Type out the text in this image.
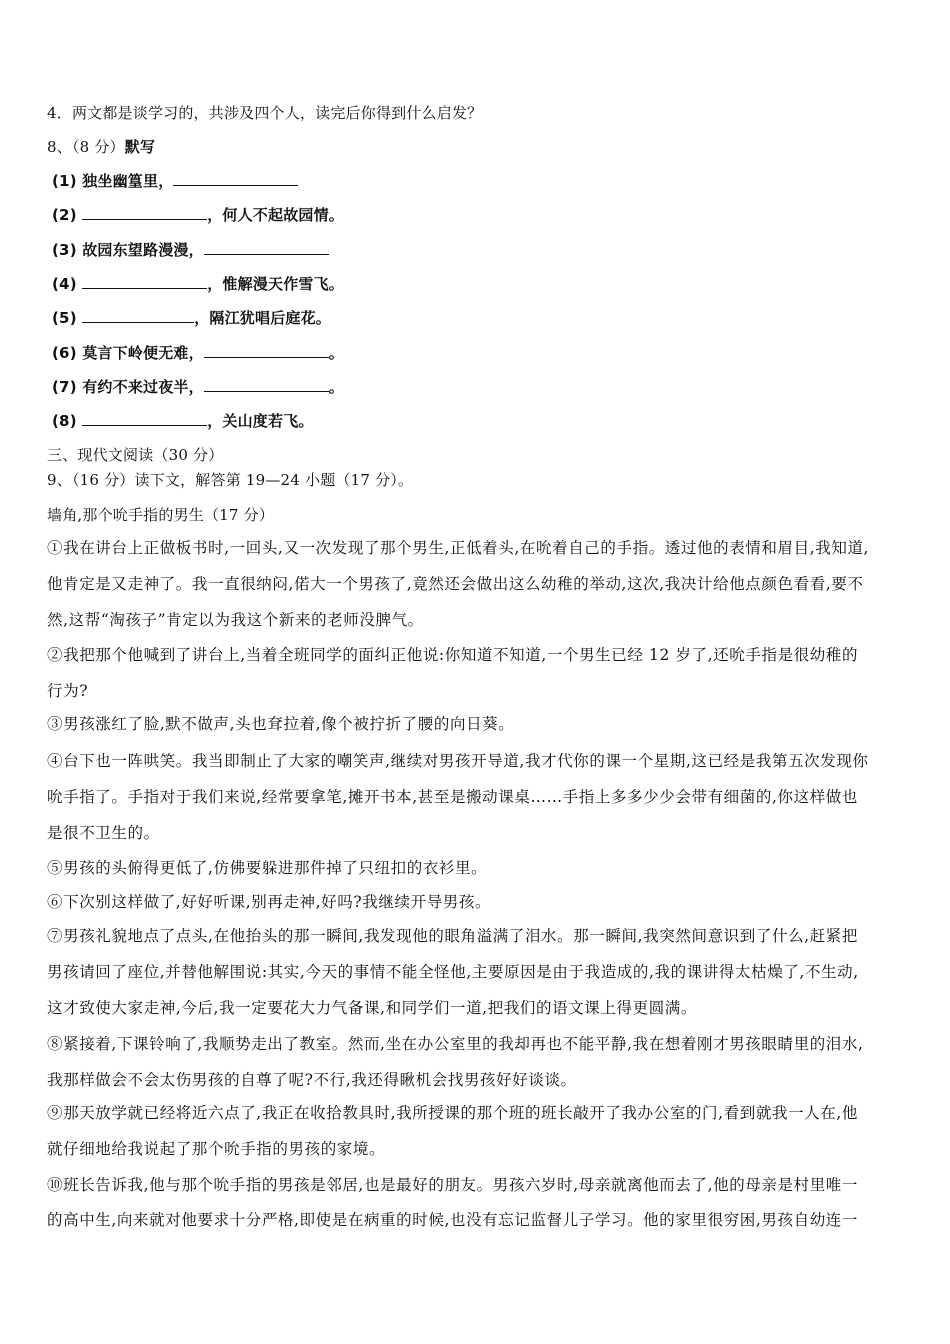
4．两文都是谈学习的，共涉及四个人，读完后你得到什么启发？
8、（8 分）默写
(1) 独坐幽篁里，
(2)	，何人不起故园情。
(3) 故园东望路漫漫，
(4)	，惟解漫天作雪飞。
(5)	，隔江犹唱后庭花。
(6) 莫言下岭便无难，	。
(7) 有约不来过夜半，	。
(8)	，关山度若飞。
三、现代文阅读（30 分）
9、（16 分）读下文，解答第 19—24 小题（17 分）。
墙角,那个吮手指的男生（17 分）
①我在讲台上正做板书时,一回头,又一次发现了那个男生,正低着头,在吮着自己的手指。透过他的表情和眉目,我知道,
他肯定是又走神了。我一直很纳闷,偌大一个男孩了,竟然还会做出这么幼稚的举动,这次,我决计给他点颜色看看,要不
然,这帮“淘孩子”肯定以为我这个新来的老师没脾气。
②我把那个他喊到了讲台上,当着全班同学的面纠正他说:你知道不知道,一个男生已经 12 岁了,还吮手指是很幼稚的
行为?
③男孩涨红了脸,默不做声,头也耷拉着,像个被拧折了腰的向日葵。
④台下也一阵哄笑。我当即制止了大家的嘲笑声,继续对男孩开导道,我才代你的课一个星期,这已经是我第五次发现你
吮手指了。手指对于我们来说,经常要拿笔,摊开书本,甚至是搬动课桌……手指上多多少少会带有细菌的,你这样做也
是很不卫生的。
⑤男孩的头俯得更低了,仿佛要躲进那件掉了只纽扣的衣衫里。
⑥下次别这样做了,好好听课,别再走神,好吗?我继续开导男孩。
⑦男孩礼貌地点了点头,在他抬头的那一瞬间,我发现他的眼角溢满了泪水。那一瞬间,我突然间意识到了什么,赶紧把
男孩请回了座位,并替他解围说:其实,今天的事情不能全怪他,主要原因是由于我造成的,我的课讲得太枯燥了,不生动,
这才致使大家走神,今后,我一定要花大力气备课,和同学们一道,把我们的语文课上得更圆满。
⑧紧接着,下课铃响了,我顺势走出了教室。然而,坐在办公室里的我却再也不能平静,我在想着刚才男孩眼睛里的泪水,
我那样做会不会太伤男孩的自尊了呢?不行,我还得瞅机会找男孩好好谈谈。
⑨那天放学就已经将近六点了,我正在收拾教具时,我所授课的那个班的班长敲开了我办公室的门,看到就我一人在,他
就仔细地给我说起了那个吮手指的男孩的家境。
⑩班长告诉我,他与那个吮手指的男孩是邻居,也是最好的朋友。男孩六岁时,母亲就离他而去了,他的母亲是村里唯一
的高中生,向来就对他要求十分严格,即使是在病重的时候,也没有忘记监督儿子学习。他的家里很穷困,男孩自幼连一
